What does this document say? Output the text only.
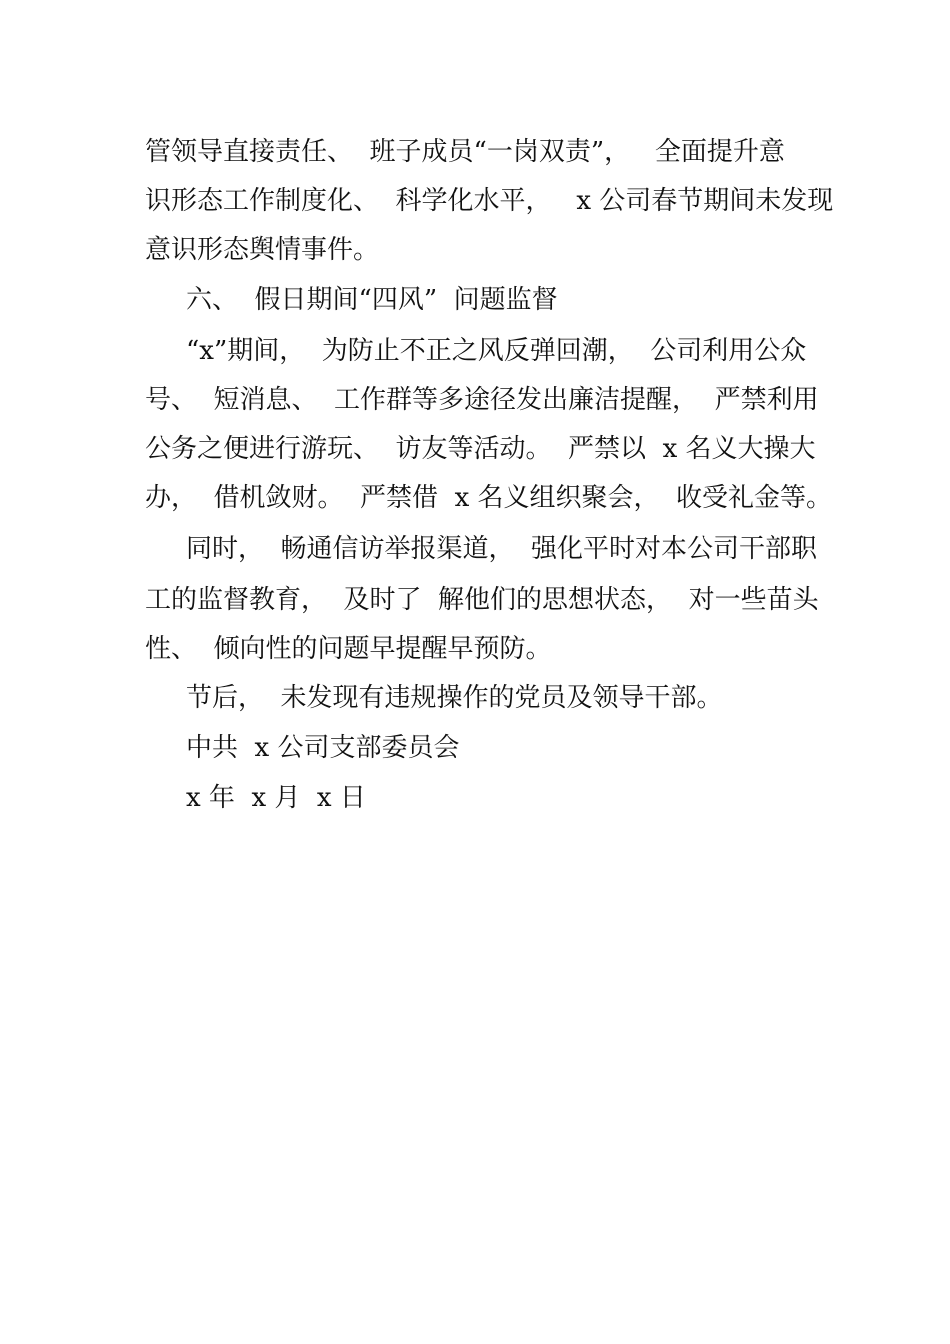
管领导直接责任、  班子成员“一岗双责”，   全面提升意
识形态工作制度化、  科学化水平，   x 公司春节期间未发现
意识形态舆情事件。
六、  假日期间“四风”  问题监督
“x”期间，  为防止不正之风反弹回潮，  公司利用公众
号、  短消息、  工作群等多途径发出廉洁提醒，  严禁利用
公务之便进行游玩、  访友等活动。  严禁以  x 名义大操大
办，  借机敛财。  严禁借  x 名义组织聚会，  收受礼金等。
同时，  畅通信访举报渠道，  强化平时对本公司干部职
工的监督教育，  及时了  解他们的思想状态，  对一些苗头
性、  倾向性的问题早提醒早预防。
节后，  未发现有违规操作的党员及领导干部。
中共  x 公司支部委员会
x 年  x 月  x 日
